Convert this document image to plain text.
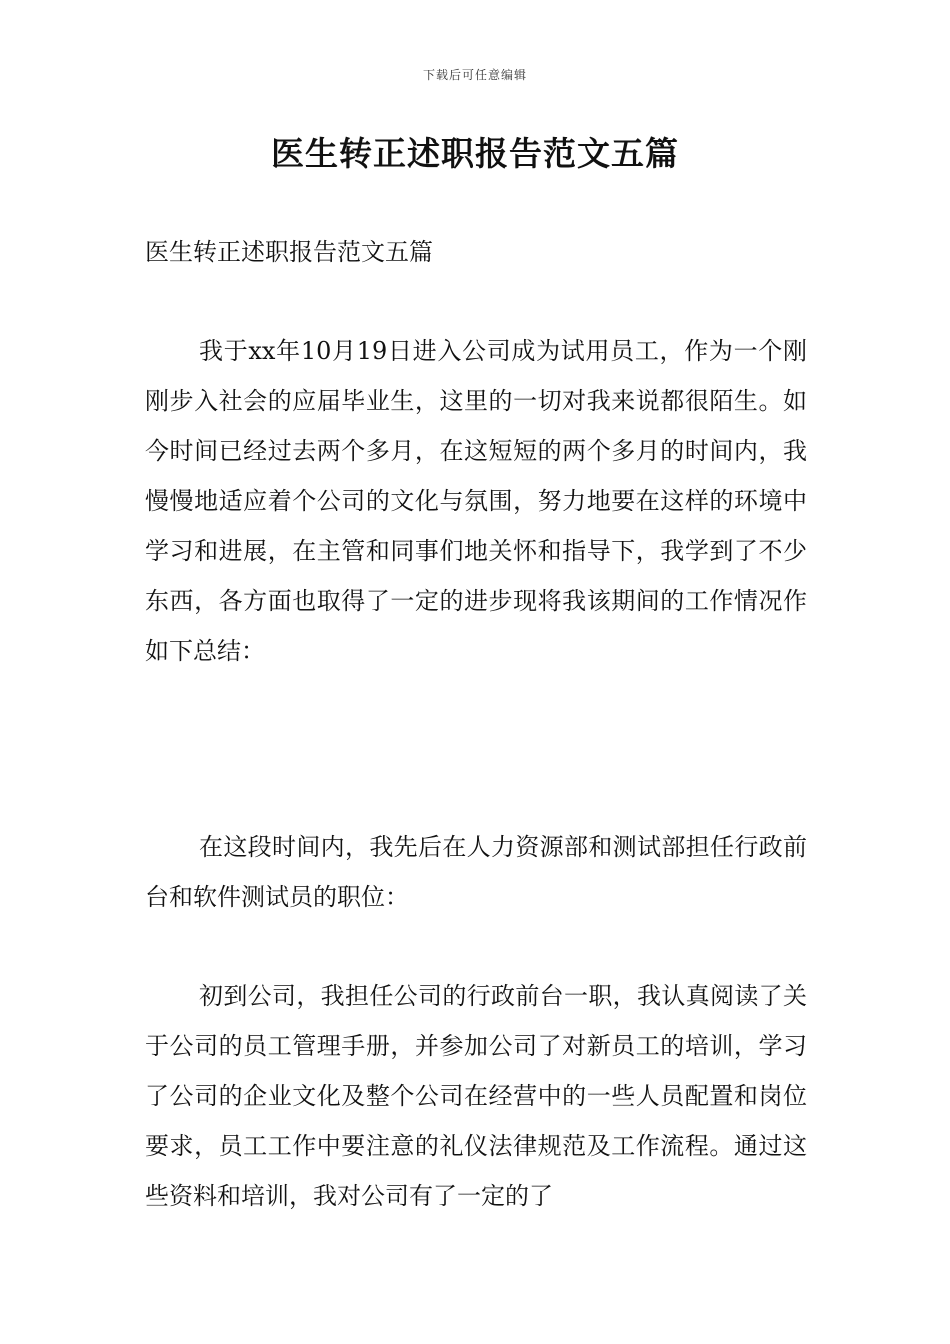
下载后可任意编辑
医生转正述职报告范文五篇

医生转正述职报告范文五篇

我于xx年10月19日进入公司成为试用员工，作为一个刚刚步入社会的应届毕业生，这里的一切对我来说都很陌生。如今时间已经过去两个多月，在这短短的两个多月的时间内，我慢慢地适应着个公司的文化与氛围，努力地要在这样的环境中学习和进展，在主管和同事们地关怀和指导下，我学到了不少东西，各方面也取得了一定的进步现将我该期间的工作情况作如下总结：

在这段时间内，我先后在人力资源部和测试部担任行政前台和软件测试员的职位：

初到公司，我担任公司的行政前台一职，我认真阅读了关于公司的员工管理手册，并参加公司了对新员工的培训，学习了公司的企业文化及整个公司在经营中的一些人员配置和岗位要求，员工工作中要注意的礼仪法律规范及工作流程。通过这些资料和培训，我对公司有了一定的了
